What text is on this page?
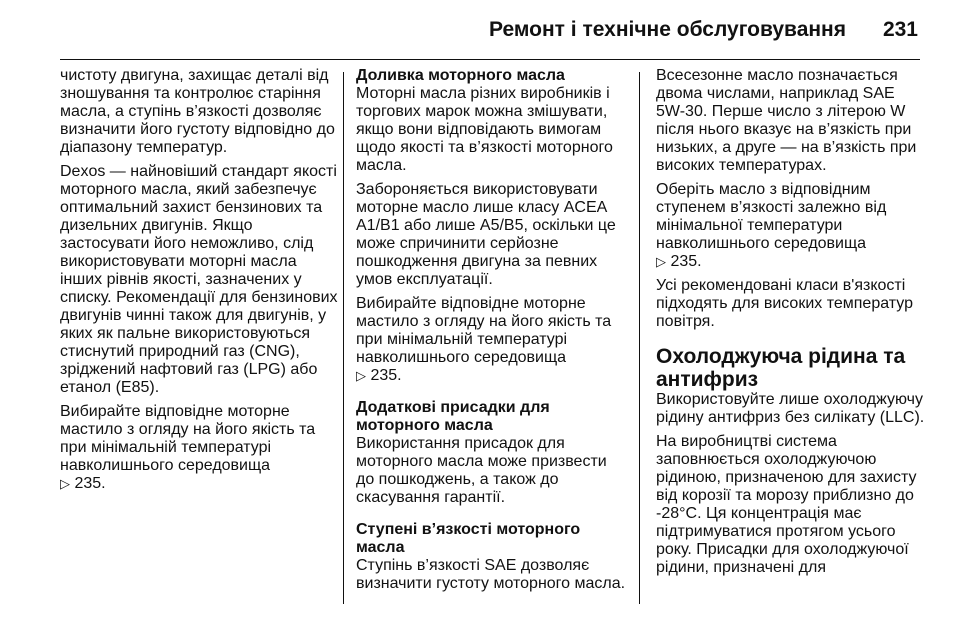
Ремонт і технічне обслуговування 231

чистоту двигуна, захищає деталі від зношування та контролює старіння масла, а ступінь в’язкості дозволяє визначити його густоту відповідно до діапазону температур.

Dexos — найновіший стандарт якості моторного масла, який забезпечує оптимальний захист бензинових та дизельних двигунів. Якщо застосувати його неможливо, слід використовувати моторні масла інших рівнів якості, зазначених у списку. Рекомендації для бензинових двигунів чинні також для двигунів, у яких як пальне використовуються стиснутий природний газ (CNG), зріджений нафтовий газ (LPG) або етанол (E85).

Вибирайте відповідне моторне мастило з огляду на його якість та при мінімальній температурі навколишнього середовища
▷ 235.

Доливка моторного масла

Моторні масла різних виробників і торгових марок можна змішувати, якщо вони відповідають вимогам щодо якості та в’язкості моторного масла.

Забороняється використовувати моторне масло лише класу ACEA A1/B1 або лише A5/B5, оскільки це може спричинити серйозне пошкодження двигуна за певних умов експлуатації.

Вибирайте відповідне моторне мастило з огляду на його якість та при мінімальній температурі навколишнього середовища
▷ 235.

Додаткові присадки для моторного масла

Використання присадок для моторного масла може призвести до пошкоджень, а також до скасування гарантії.

Ступені в’язкості моторного масла

Ступінь в’язкості SAE дозволяє визначити густоту моторного масла.

Всесезонне масло позначається двома числами, наприклад SAE 5W-30. Перше число з літерою W після нього вказує на в’язкість при низьких, а друге — на в’язкість при високих температурах.

Оберіть масло з відповідним ступенем в’язкості залежно від мінімальної температури навколишнього середовища
▷ 235.

Усі рекомендовані класи в'язкості підходять для високих температур повітря.

Охолоджуюча рідина та антифриз

Використовуйте лише охолоджуючу рідину антифриз без силікату (LLC).

На виробництві система заповнюється охолоджуючою рідиною, призначеною для захисту від корозії та морозу приблизно до -28°C. Ця концентрація має підтримуватися протягом усього року. Присадки для охолоджуючої рідини, призначені для
